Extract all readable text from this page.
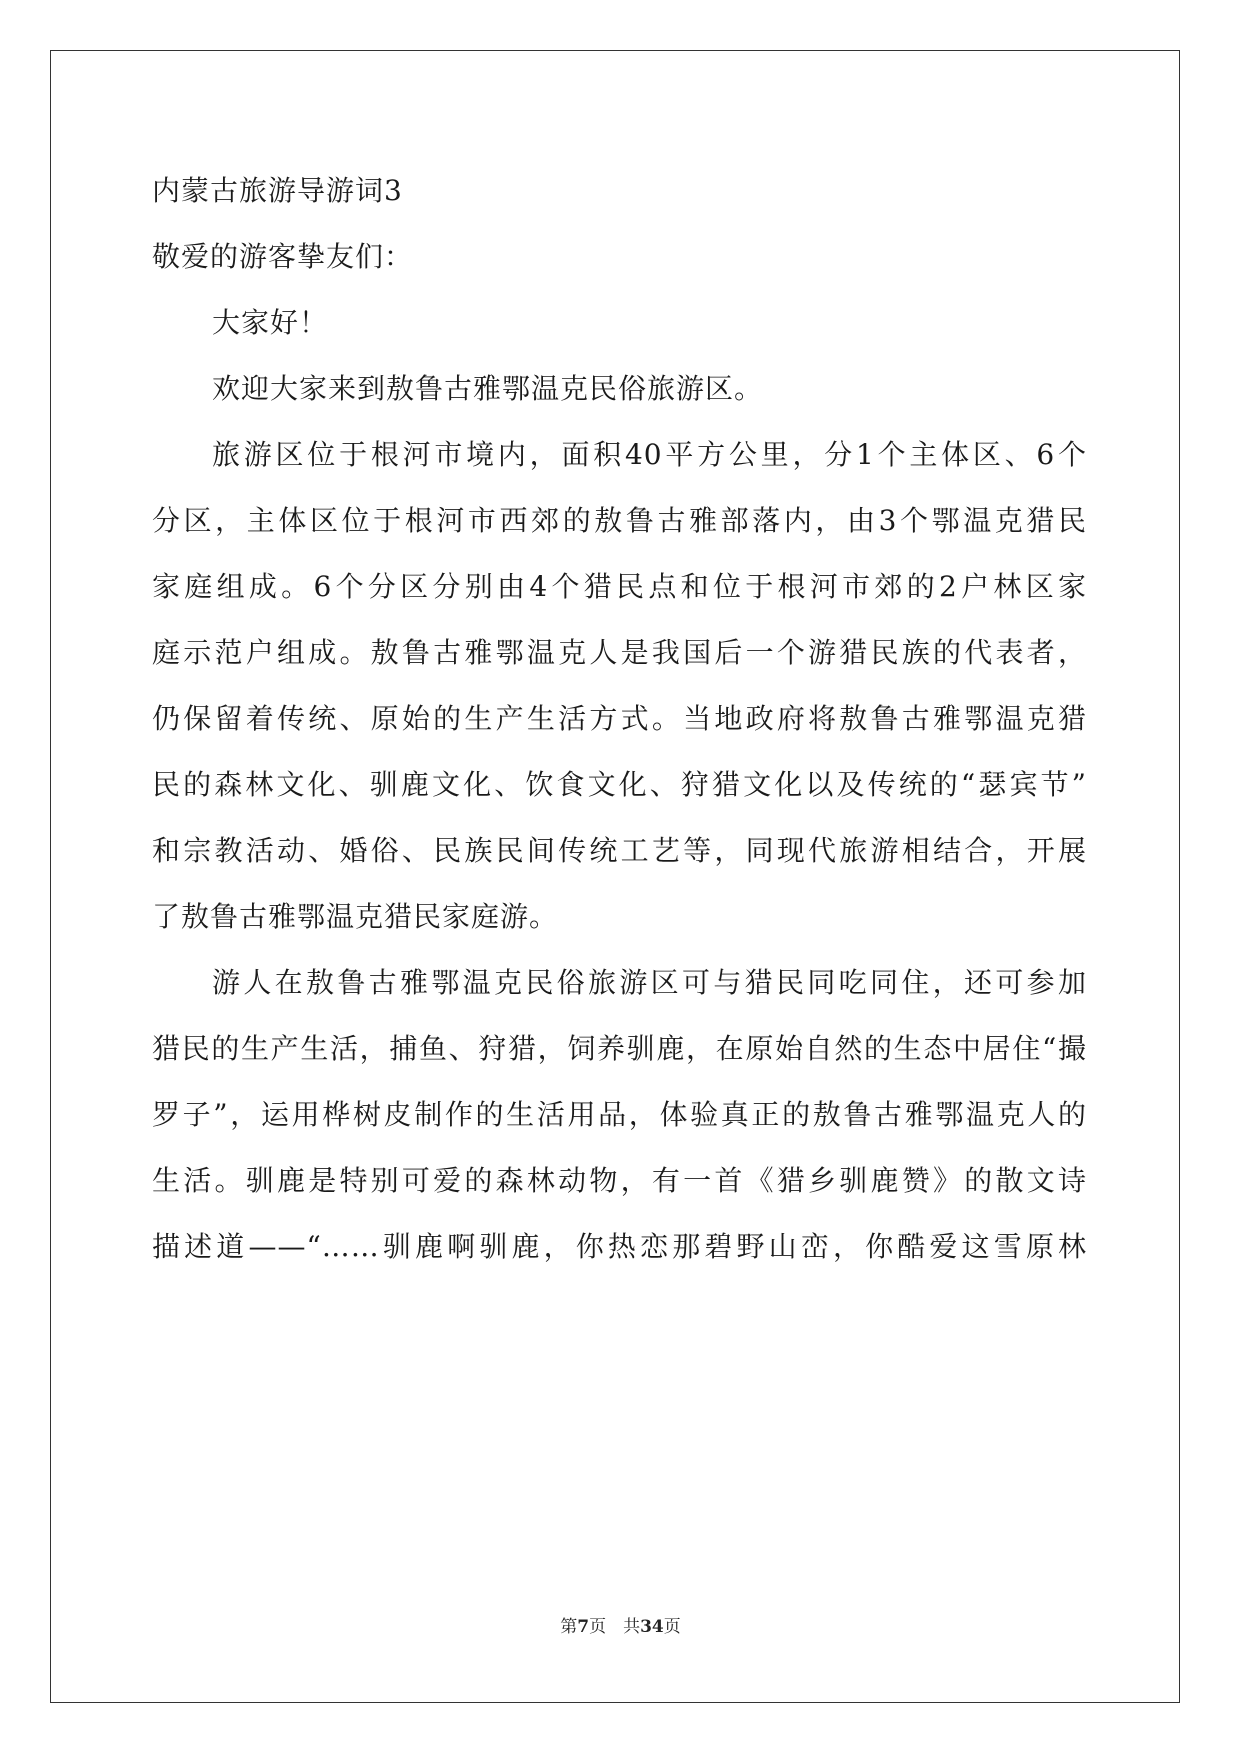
内蒙古旅游导游词3
敬爱的游客挚友们：
大家好！
欢迎大家来到敖鲁古雅鄂温克民俗旅游区。
旅游区位于根河市境内，面积40平方公里，分1个主体区、6个
分区，主体区位于根河市西郊的敖鲁古雅部落内，由3个鄂温克猎民
家庭组成。6个分区分别由4个猎民点和位于根河市郊的2户林区家
庭示范户组成。敖鲁古雅鄂温克人是我国后一个游猎民族的代表者，
仍保留着传统、原始的生产生活方式。当地政府将敖鲁古雅鄂温克猎
民的森林文化、驯鹿文化、饮食文化、狩猎文化以及传统的“瑟宾节”
和宗教活动、婚俗、民族民间传统工艺等，同现代旅游相结合，开展
了敖鲁古雅鄂温克猎民家庭游。
游人在敖鲁古雅鄂温克民俗旅游区可与猎民同吃同住，还可参加
猎民的生产生活，捕鱼、狩猎，饲养驯鹿，在原始自然的生态中居住“撮
罗子”，运用桦树皮制作的生活用品，体验真正的敖鲁古雅鄂温克人的
生活。驯鹿是特别可爱的森林动物，有一首《猎乡驯鹿赞》的散文诗
描述道——“……驯鹿啊驯鹿，你热恋那碧野山峦，你酷爱这雪原林
第7页　共34页
